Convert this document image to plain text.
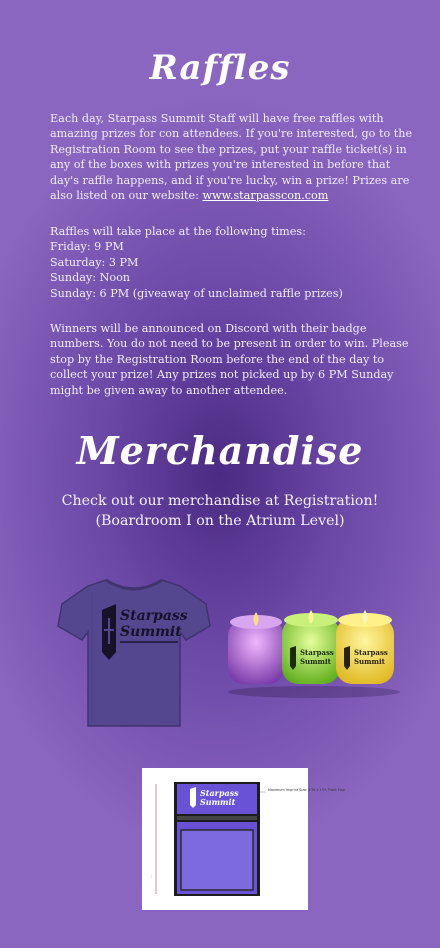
Raffles
Each day, Starpass Summit Staff will have free raffles with
amazing prizes for con attendees. If you're interested, go to the
Registration Room to see the prizes, put your raffle ticket(s) in
any of the boxes with prizes you're interested in before that
day's raffle happens, and if you're lucky, win a prize! Prizes are
also listed on our website: www.starpasscon.com
Raffles will take place at the following times:
Friday: 9 PM
Saturday: 3 PM
Sunday: Noon
Sunday: 6 PM (giveaway of unclaimed raffle prizes)
Winners will be announced on Discord with their badge
numbers. You do not need to be present in order to win. Please
stop by the Registration Room before the end of the day to
collect your prize! Any prizes not picked up by 6 PM Sunday
might be given away to another attendee.
Merchandise
Check out our merchandise at Registration!
(Boardroom I on the Atrium Level)
Starpass
Summit
Starpass
Summit
Starpass
Summit
…
Starpass
Summit
Maximum Imprint Size: 1"W x 1"H, Front Flap
